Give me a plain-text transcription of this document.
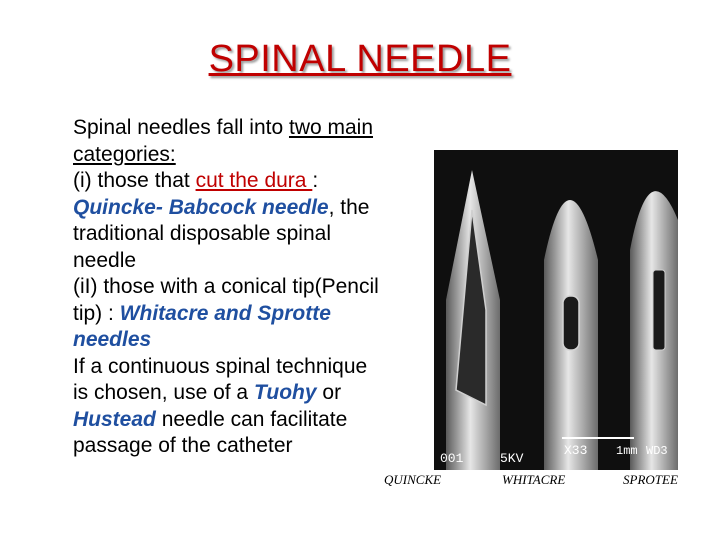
SPINAL NEEDLE

Spinal needles fall into two main categories:
(i) those that cut the dura : Quincke- Babcock needle, the traditional disposable spinal needle
(iI) those with a conical tip(Pencil tip) : Whitacre and Sprotte needles
If a continuous spinal technique is chosen, use of a Tuohy or Hustead needle can facilitate passage of the catheter

001	5KV
X33 1mm WD3
QUINCKE	WHITACRE	SPROTEE
